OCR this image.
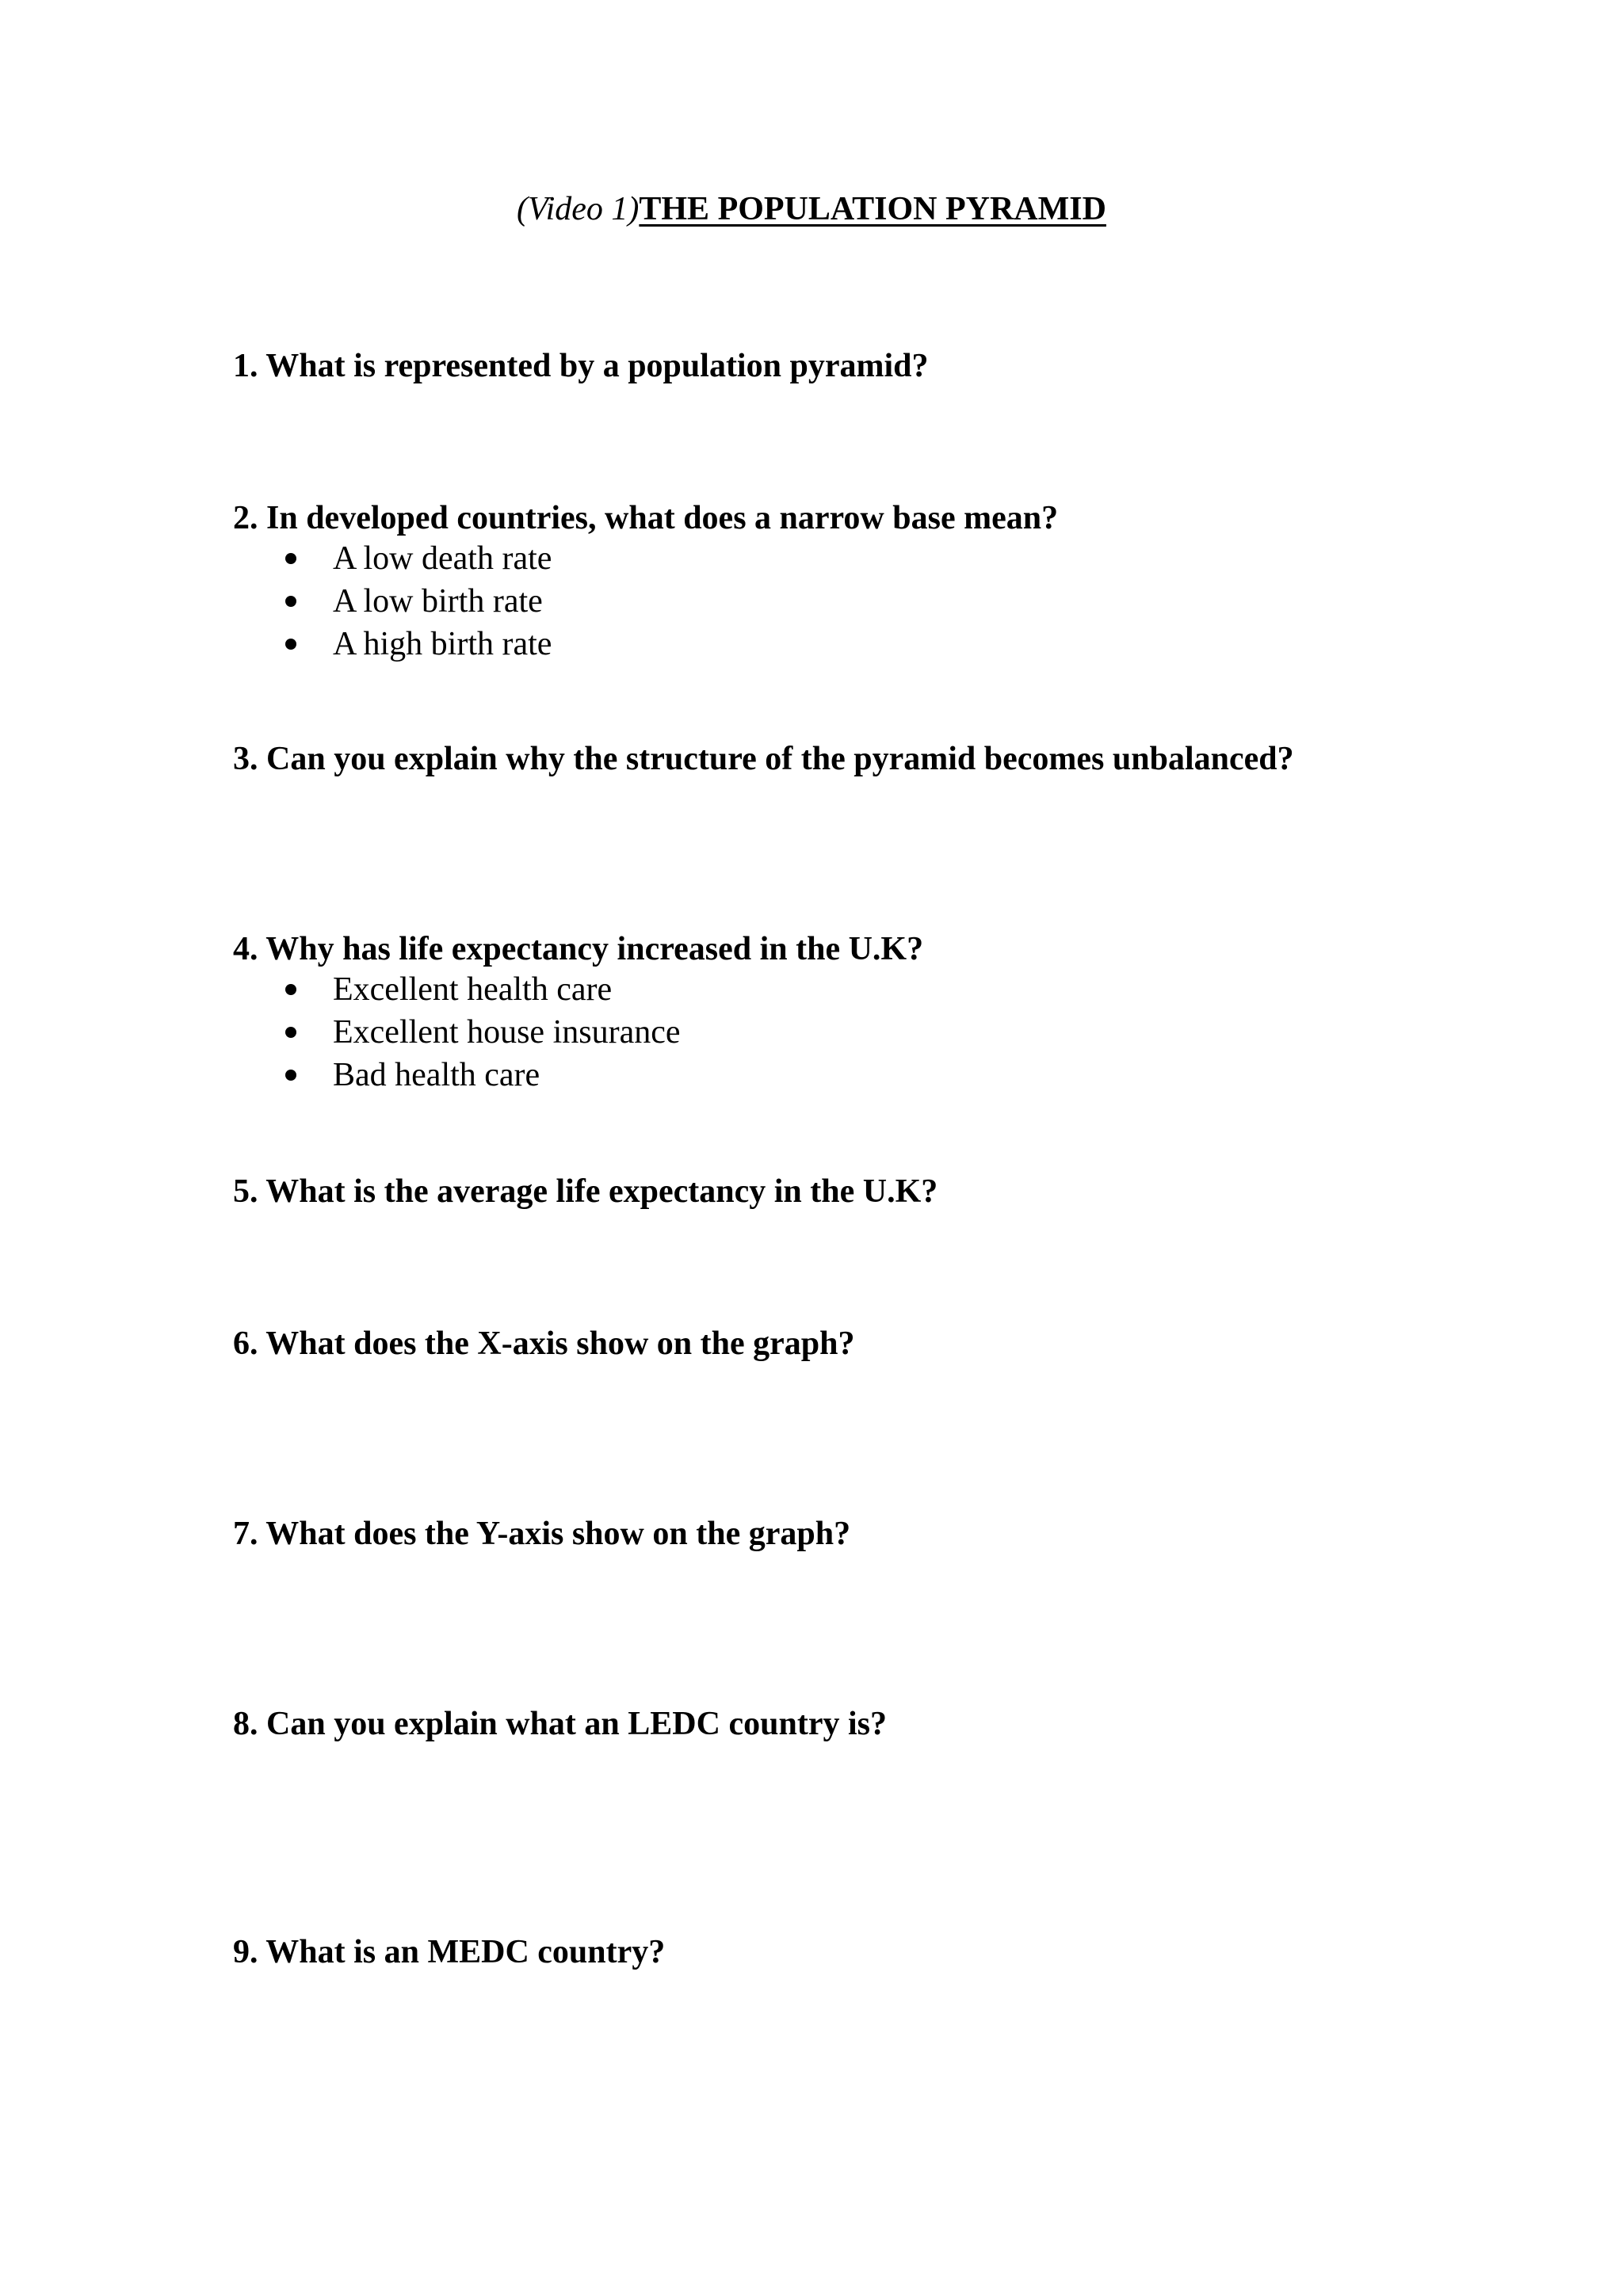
(Video 1)THE POPULATION PYRAMID
1. What is represented by a population pyramid?
2. In developed countries, what does a narrow base mean?
A low death rate
A low birth rate
A high birth rate
3. Can you explain why the structure of the pyramid becomes unbalanced?
4. Why has life expectancy increased in the U.K?
Excellent health care
Excellent house insurance
Bad health care
5. What is the average life expectancy in the U.K?
6. What does the X-axis show on the graph?
7. What does the Y-axis show on the graph?
8. Can you explain what an LEDC country is?
9. What is an MEDC country?
